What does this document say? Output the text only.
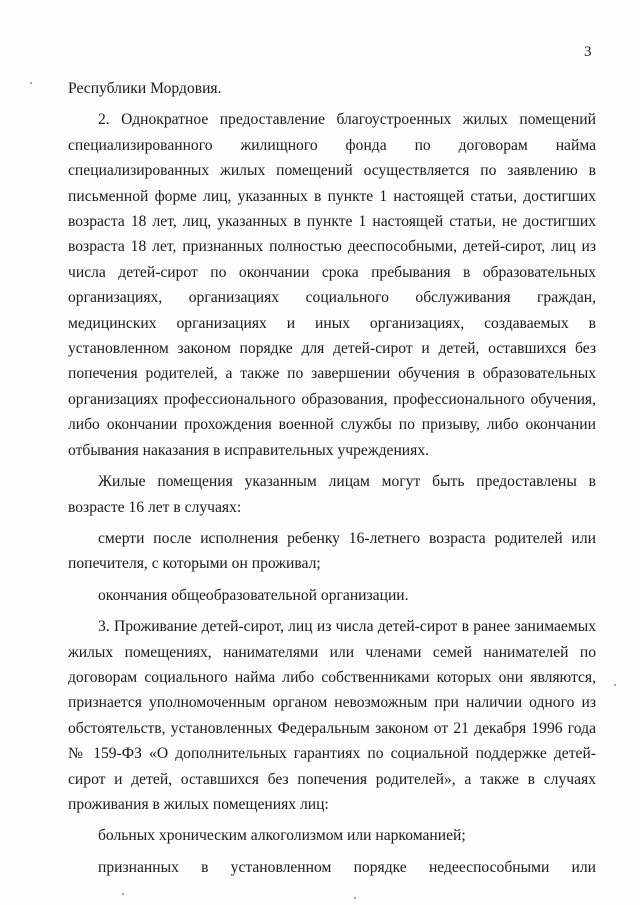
3

Республики Мордовия.

2. Однократное предоставление благоустроенных жилых помещений специализированного жилищного фонда по договорам найма специализированных жилых помещений осуществляется по заявлению в письменной форме лиц, указанных в пункте 1 настоящей статьи, достигших возраста 18 лет, лиц, указанных в пункте 1 настоящей статьи, не достигших возраста 18 лет, признанных полностью дееспособными, детей-сирот, лиц из числа детей-сирот по окончании срока пребывания в образовательных организациях, организациях социального обслуживания граждан, медицинских организациях и иных организациях, создаваемых в установленном законом порядке для детей-сирот и детей, оставшихся без попечения родителей, а также по завершении обучения в образовательных организациях профессионального образования, профессионального обучения, либо окончании прохождения военной службы по призыву, либо окончании отбывания наказания в исправительных учреждениях.

Жилые помещения указанным лицам могут быть предоставлены в возрасте 16 лет в случаях:

смерти после исполнения ребенку 16-летнего возраста родителей или попечителя, с которыми он проживал;

окончания общеобразовательной организации.

3. Проживание детей-сирот, лиц из числа детей-сирот в ранее занимаемых жилых помещениях, нанимателями или членами семей нанимателей по договорам социального найма либо собственниками которых они являются, признается уполномоченным органом невозможным при наличии одного из обстоятельств, установленных Федеральным законом от 21 декабря 1996 года № 159-ФЗ «О дополнительных гарантиях по социальной поддержке детей-сирот и детей, оставшихся без попечения родителей», а также в случаях проживания в жилых помещениях лиц:

больных хроническим алкоголизмом или наркоманией;

признанных в установленном порядке недееспособными или
